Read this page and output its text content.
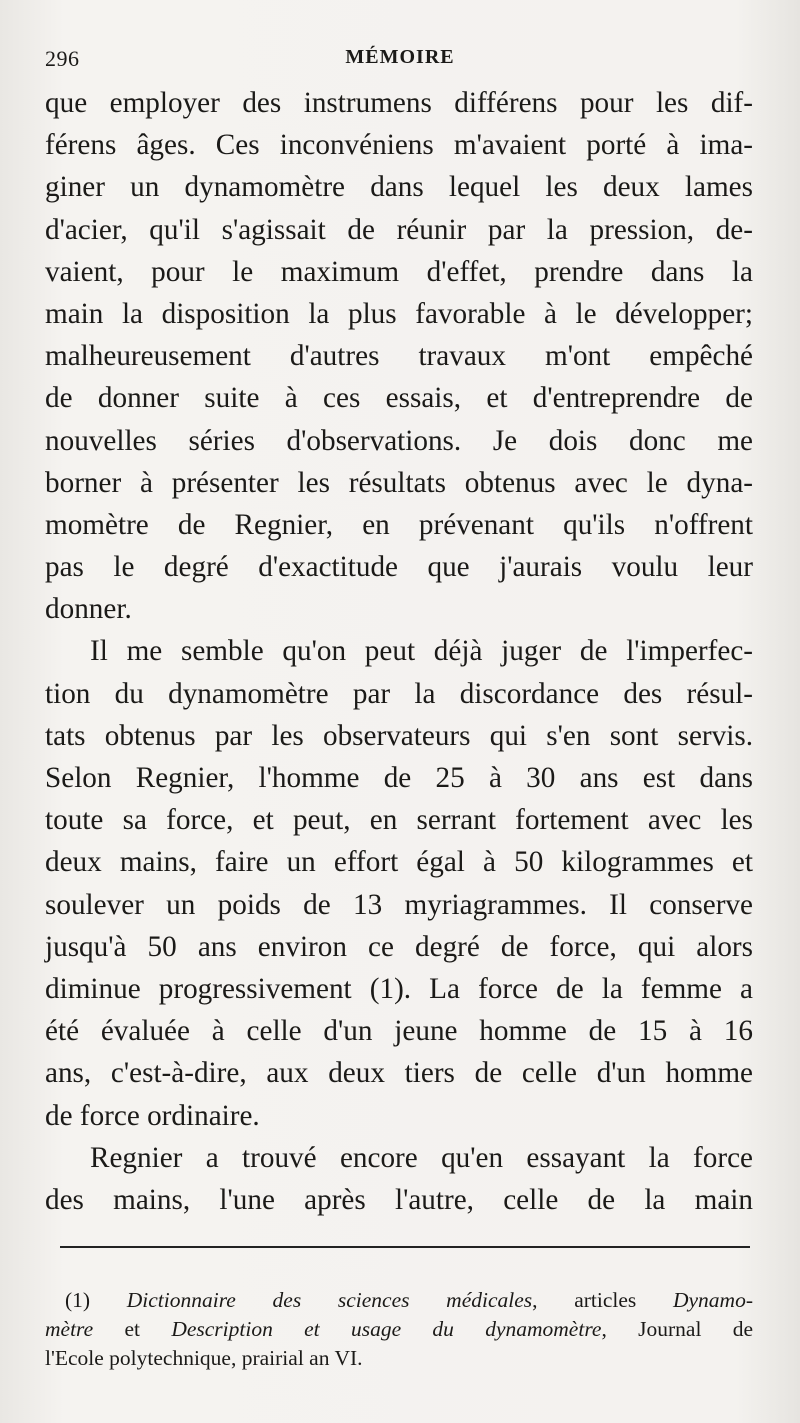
296	MÉMOIRE
que employer des instrumens différens pour les dif-
férens âges. Ces inconvéniens m'avaient porté à ima-
giner un dynamomètre dans lequel les deux lames
d'acier, qu'il s'agissait de réunir par la pression, de-
vaient, pour le maximum d'effet, prendre dans la
main la disposition la plus favorable à le développer;
malheureusement d'autres travaux m'ont empêché
de donner suite à ces essais, et d'entreprendre de
nouvelles séries d'observations. Je dois donc me
borner à présenter les résultats obtenus avec le dyna-
momètre de Regnier, en prévenant qu'ils n'offrent
pas le degré d'exactitude que j'aurais voulu leur
donner.
Il me semble qu'on peut déjà juger de l'imperfec-
tion du dynamomètre par la discordance des résul-
tats obtenus par les observateurs qui s'en sont servis.
Selon Regnier, l'homme de 25 à 30 ans est dans
toute sa force, et peut, en serrant fortement avec les
deux mains, faire un effort égal à 50 kilogrammes et
soulever un poids de 13 myriagrammes. Il conserve
jusqu'à 50 ans environ ce degré de force, qui alors
diminue progressivement (1). La force de la femme a
été évaluée à celle d'un jeune homme de 15 à 16
ans, c'est-à-dire, aux deux tiers de celle d'un homme
de force ordinaire.
Regnier a trouvé encore qu'en essayant la force
des mains, l'une après l'autre, celle de la main
(1) Dictionnaire des sciences médicales, articles Dynamo-
mètre et Description et usage du dynamomètre, Journal de
l'Ecole polytechnique, prairial an VI.
